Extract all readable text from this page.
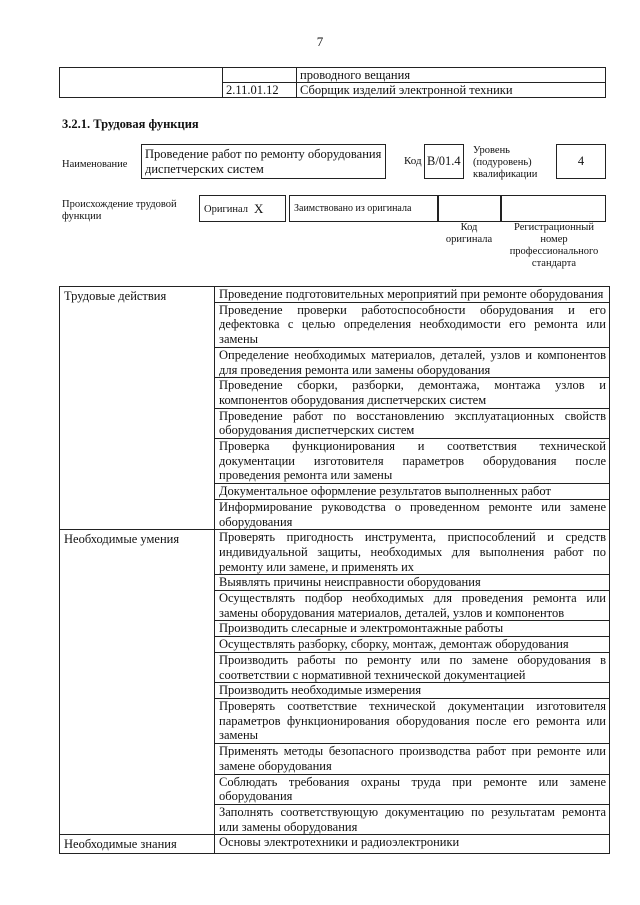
7
проводного вещания
2.11.01.12 Сборщик изделий электронной техники
3.2.1. Трудовая функция
Наименование
Проведение работ по ремонту оборудования диспетчерских систем
Код B/01.4
Уровень (подуровень) квалификации
4
Происхождение трудовой функции
Оригинал X	Заимствовано из оригинала
Код оригинала
Регистрационный номер профессионального стандарта
Трудовые действия	Проведение подготовительных мероприятий при ремонте оборудования
	Проведение проверки работоспособности оборудования и его дефектовка с целью определения необходимости его ремонта или замены
	Определение необходимых материалов, деталей, узлов и компонентов для проведения ремонта или замены оборудования
	Проведение сборки, разборки, демонтажа, монтажа узлов и компонентов оборудования диспетчерских систем
	Проведение работ по восстановлению эксплуатационных свойств оборудования диспетчерских систем
	Проверка функционирования и соответствия технической документации изготовителя параметров оборудования после проведения ремонта или замены
	Документальное оформление результатов выполненных работ
	Информирование руководства о проведенном ремонте или замене оборудования
Необходимые умения	Проверять пригодность инструмента, приспособлений и средств индивидуальной защиты, необходимых для выполнения работ по ремонту или замене, и применять их
	Выявлять причины неисправности оборудования
	Осуществлять подбор необходимых для проведения ремонта или замены оборудования материалов, деталей, узлов и компонентов
	Производить слесарные и электромонтажные работы
	Осуществлять разборку, сборку, монтаж, демонтаж оборудования
	Производить работы по ремонту или по замене оборудования в соответствии с нормативной технической документацией
	Производить необходимые измерения
	Проверять соответствие технической документации изготовителя параметров функционирования оборудования после его ремонта или замены
	Применять методы безопасного производства работ при ремонте или замене оборудования
	Соблюдать требования охраны труда при ремонте или замене оборудования
	Заполнять соответствующую документацию по результатам ремонта или замены оборудования
Необходимые знания	Основы электротехники и радиоэлектроники
